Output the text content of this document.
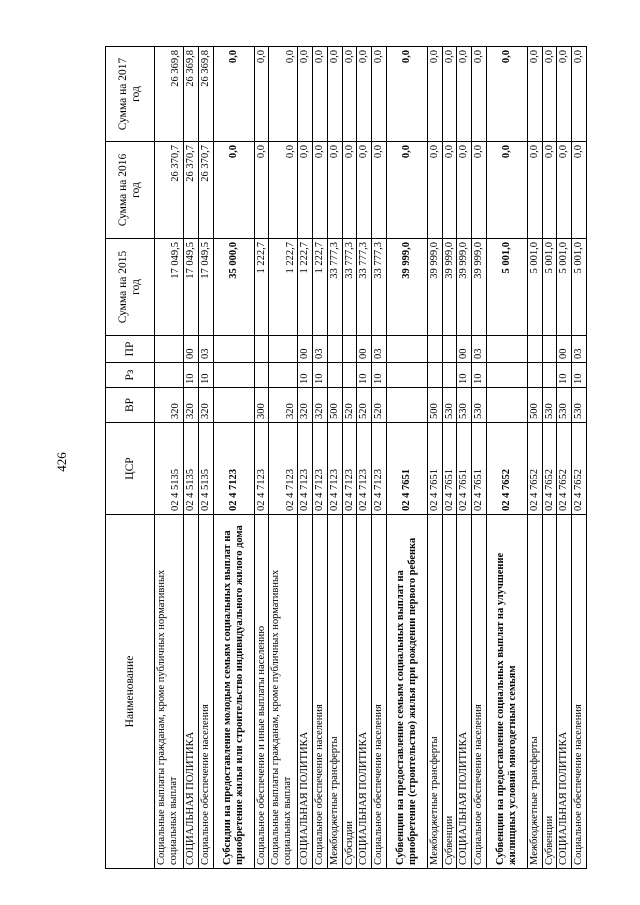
426
Наименование	ЦСР	ВР	Рз	ПР	Сумма на 2015 год	Сумма на 2016 год	Сумма на 2017 год
Социальные выплаты гражданам, кроме публичных нормативных социальных выплат	02 4 5135	320			17 049,5	26 370,7	26 369,8
СОЦИАЛЬНАЯ ПОЛИТИКА	02 4 5135	320	10	00	17 049,5	26 370,7	26 369,8
Социальное обеспечение населения	02 4 5135	320	10	03	17 049,5	26 370,7	26 369,8
Субсидии на предоставление молодым семьям социальных выплат на приобретение жилья или строительство индивидуального жилого дома	02 4 7123				35 000,0	0,0	0,0
Социальное обеспечение и иные выплаты населению	02 4 7123	300			1 222,7	0,0	0,0
Социальные выплаты гражданам, кроме публичных нормативных социальных выплат	02 4 7123	320			1 222,7	0,0	0,0
СОЦИАЛЬНАЯ ПОЛИТИКА	02 4 7123	320	10	00	1 222,7	0,0	0,0
Социальное обеспечение населения	02 4 7123	320	10	03	1 222,7	0,0	0,0
Межбюджетные трансферты	02 4 7123	500			33 777,3	0,0	0,0
Субсидии	02 4 7123	520			33 777,3	0,0	0,0
СОЦИАЛЬНАЯ ПОЛИТИКА	02 4 7123	520	10	00	33 777,3	0,0	0,0
Социальное обеспечение населения	02 4 7123	520	10	03	33 777,3	0,0	0,0
Субвенции на предоставление семьям социальных выплат на приобретение (строительство) жилья при рождении первого ребенка	02 4 7651				39 999,0	0,0	0,0
Межбюджетные трансферты	02 4 7651	500			39 999,0	0,0	0,0
Субвенции	02 4 7651	530			39 999,0	0,0	0,0
СОЦИАЛЬНАЯ ПОЛИТИКА	02 4 7651	530	10	00	39 999,0	0,0	0,0
Социальное обеспечение населения	02 4 7651	530	10	03	39 999,0	0,0	0,0
Субвенции на предоставление социальных выплат на улучшение жилищных условий многодетным семьям	02 4 7652				5 001,0	0,0	0,0
Межбюджетные трансферты	02 4 7652	500			5 001,0	0,0	0,0
Субвенции	02 4 7652	530			5 001,0	0,0	0,0
СОЦИАЛЬНАЯ ПОЛИТИКА	02 4 7652	530	10	00	5 001,0	0,0	0,0
Социальное обеспечение населения	02 4 7652	530	10	03	5 001,0	0,0	0,0
